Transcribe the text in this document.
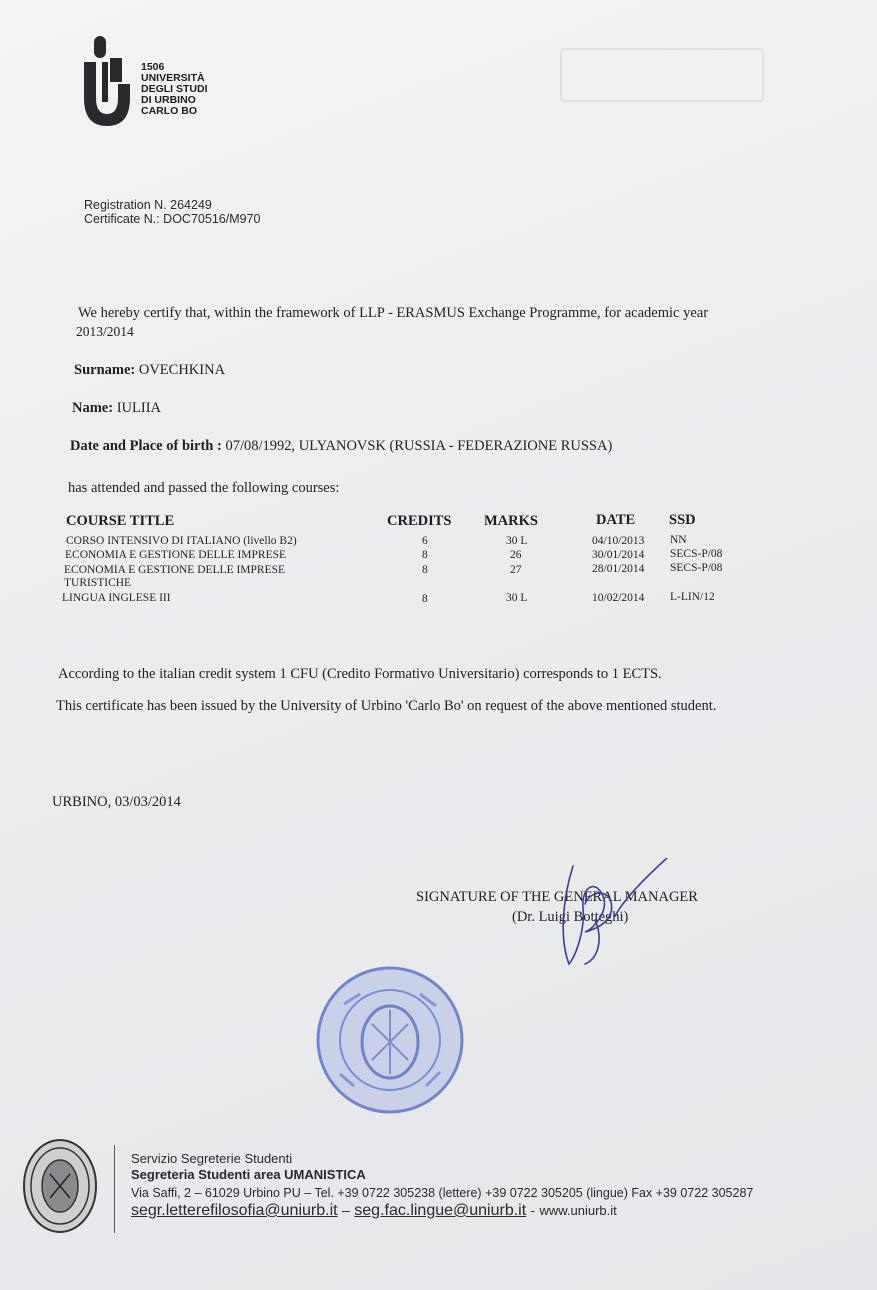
1506
UNIVERSITÀ
DEGLI STUDI
DI URBINO
CARLO BO
Registration N. 264249
Certificate N.: DOC70516/M970
We hereby certify that, within the framework of LLP - ERASMUS Exchange Programme, for academic year
2013/2014
Surname: OVECHKINA
Name: IULIIA
Date and Place of birth : 07/08/1992, ULYANOVSK (RUSSIA - FEDERAZIONE RUSSA)
has attended and passed the following courses:
COURSE TITLE	CREDITS MARKS	DATE SSD
CORSO INTENSIVO DI ITALIANO (livello B2)	6	30 L	04/10/2013 NN
ECONOMIA E GESTIONE DELLE IMPRESE	8	26	30/01/2014 SECS-P/08
ECONOMIA E GESTIONE DELLE IMPRESE
TURISTICHE
8	27	28/01/2014 SECS-P/08
LINGUA INGLESE III	8	30 L	10/02/2014 L-LIN/12
According to the italian credit system 1 CFU (Credito Formativo Universitario) corresponds to 1 ECTS.
This certificate has been issued by the University of Urbino 'Carlo Bo' on request of the above mentioned student.
URBINO, 03/03/2014
SIGNATURE OF THE GENERAL MANAGER
(Dr. Luigi Botteghi)
Servizio Segreterie Studenti
Segreteria Studenti area UMANISTICA
Via Saffi, 2 – 61029 Urbino PU – Tel. +39 0722 305238 (lettere) +39 0722 305205 (lingue) Fax +39 0722 305287
segr.letterefilosofia@uniurb.it – seg.fac.lingue@uniurb.it - www.uniurb.it
